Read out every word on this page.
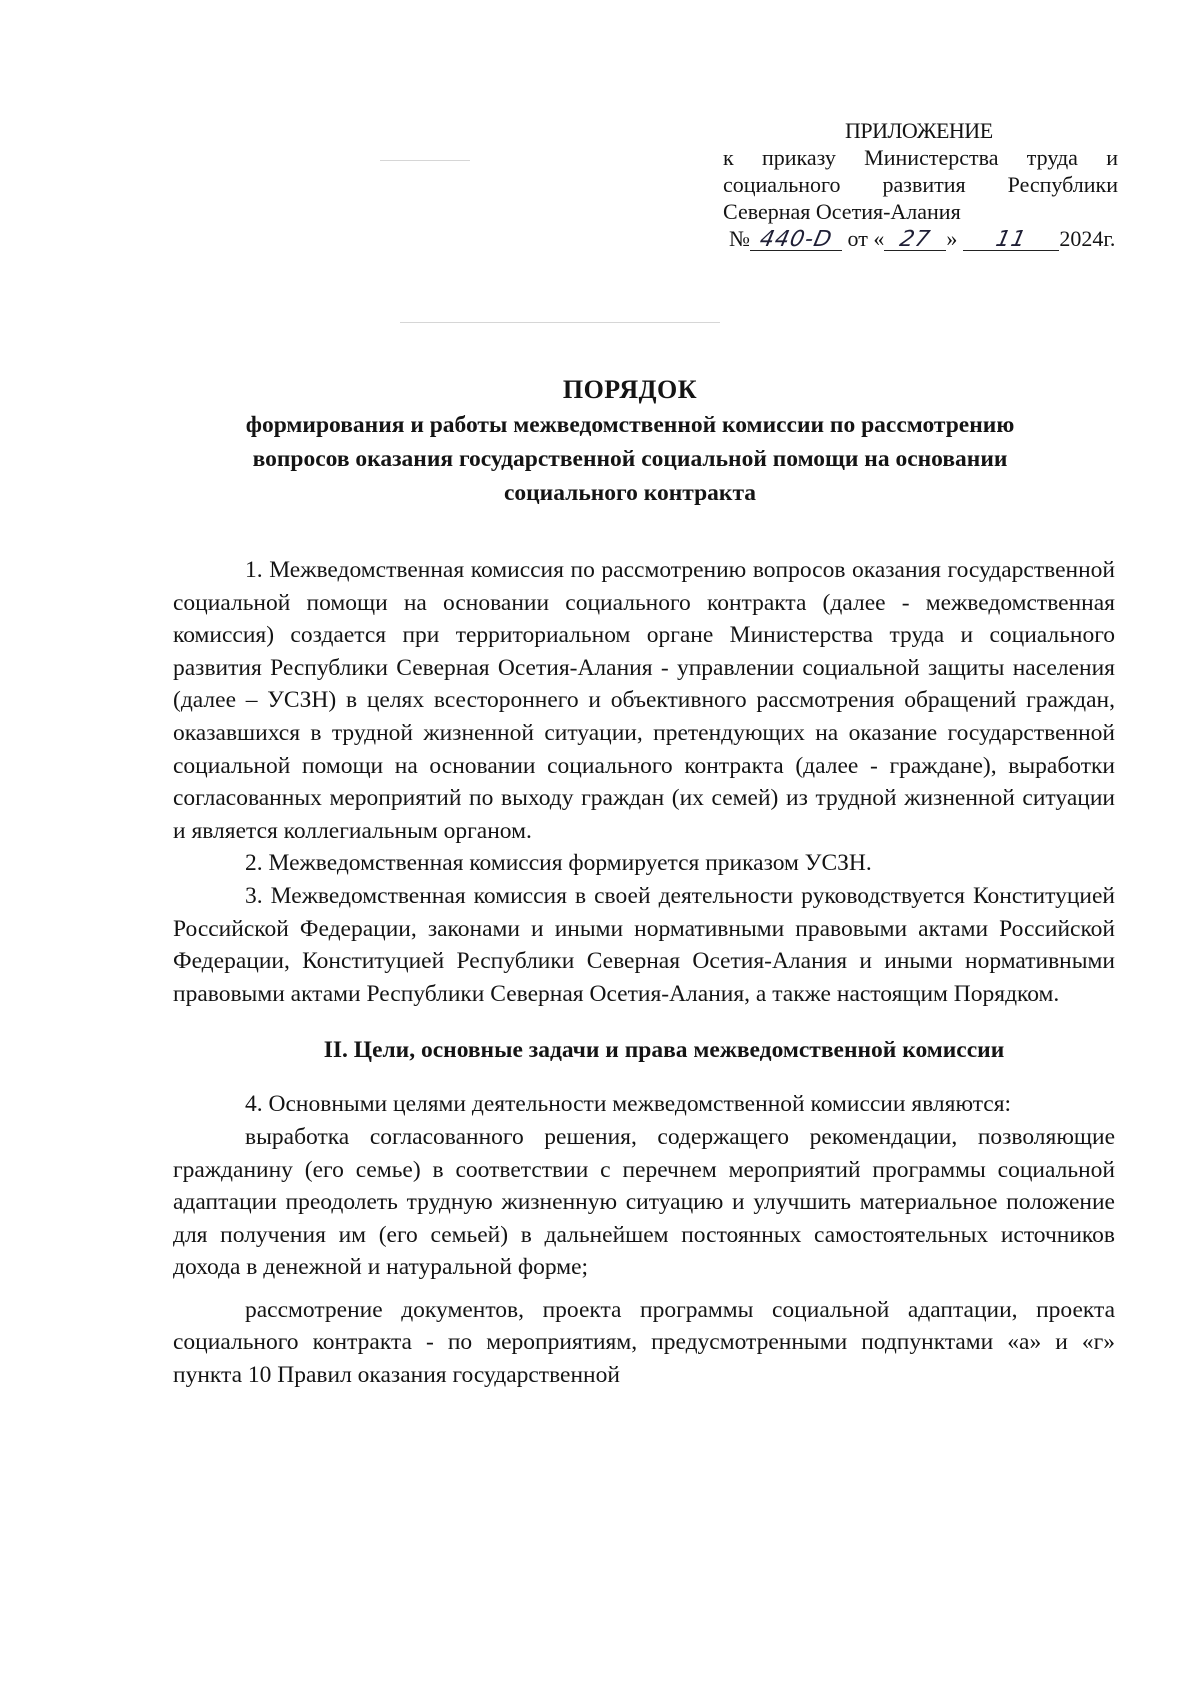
ПРИЛОЖЕНИЕ
к приказу Министерства труда и
социального развития Республики
Северная Осетия-Алания
№ 440-D от « 27 » 11 2024г.
ПОРЯДОК
формирования и работы межведомственной комиссии по рассмотрению
вопросов оказания государственной социальной помощи на основании
социального контракта

1. Межведомственная комиссия по рассмотрению вопросов оказания государственной социальной помощи на основании социального контракта (далее - межведомственная комиссия) создается при территориальном органе Министерства труда и социального развития Республики Северная Осетия-Алания - управлении социальной защиты населения (далее – УСЗН) в целях всестороннего и объективного рассмотрения обращений граждан, оказавшихся в трудной жизненной ситуации, претендующих на оказание государственной социальной помощи на основании социального контракта (далее - граждане), выработки согласованных мероприятий по выходу граждан (их семей) из трудной жизненной ситуации и является коллегиальным органом.

2. Межведомственная комиссия формируется приказом УСЗН.

3. Межведомственная комиссия в своей деятельности руководствуется Конституцией Российской Федерации, законами и иными нормативными правовыми актами Российской Федерации, Конституцией Республики Северная Осетия-Алания и иными нормативными правовыми актами Республики Северная Осетия-Алания, а также настоящим Порядком.

II. Цели, основные задачи и права межведомственной комиссии

4. Основными целями деятельности межведомственной комиссии являются:

выработка согласованного решения, содержащего рекомендации, позволяющие гражданину (его семье) в соответствии с перечнем мероприятий программы социальной адаптации преодолеть трудную жизненную ситуацию и улучшить материальное положение для получения им (его семьей) в дальнейшем постоянных самостоятельных источников дохода в денежной и натуральной форме;

рассмотрение документов, проекта программы социальной адаптации, проекта социального контракта - по мероприятиям, предусмотренными подпунктами «а» и «г» пункта 10 Правил оказания государственной
